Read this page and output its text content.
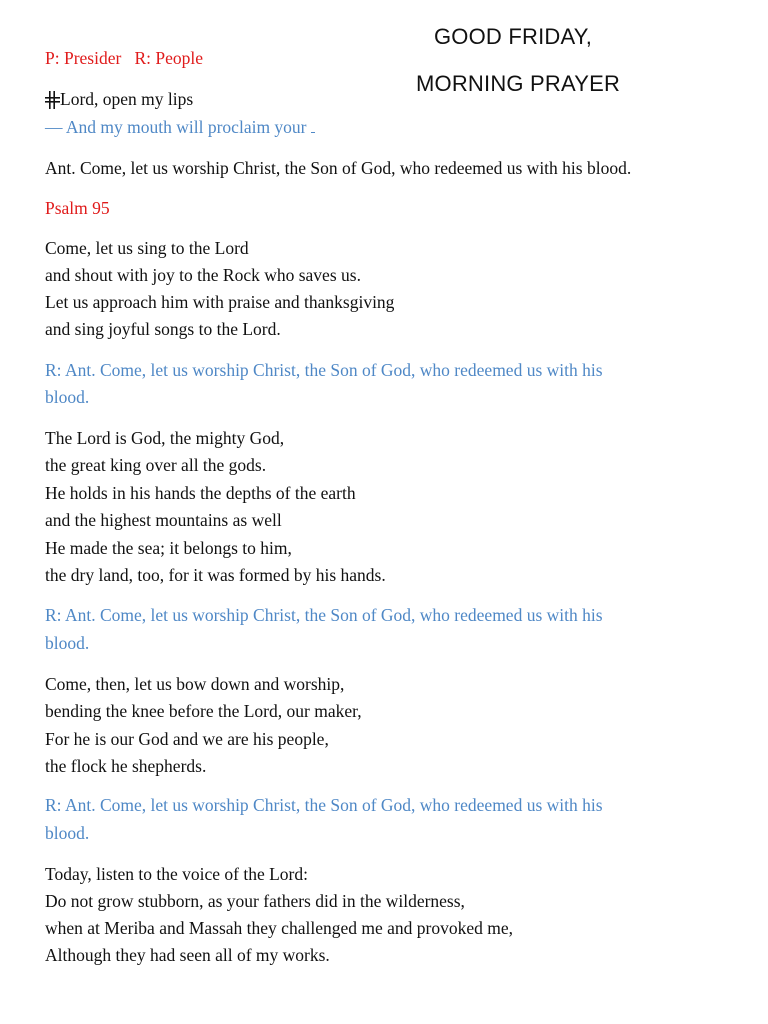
GOOD FRIDAY,
MORNING PRAYER
P: Presider R: People
Lord, open my lips
— And my mouth will proclaim your
Ant. Come, let us worship Christ, the Son of God, who redeemed us with his blood.
Psalm 95
Come, let us sing to the Lord
and shout with joy to the Rock who saves us.
Let us approach him with praise and thanksgiving
and sing joyful songs to the Lord.
R: Ant. Come, let us worship Christ, the Son of God, who redeemed us with his
blood.
The Lord is God, the mighty God,
the great king over all the gods.
He holds in his hands the depths of the earth
and the highest mountains as well
He made the sea; it belongs to him,
the dry land, too, for it was formed by his hands.
R: Ant. Come, let us worship Christ, the Son of God, who redeemed us with his
blood.
Come, then, let us bow down and worship,
bending the knee before the Lord, our maker,
For he is our God and we are his people,
the flock he shepherds.
R: Ant. Come, let us worship Christ, the Son of God, who redeemed us with his
blood.
Today, listen to the voice of the Lord:
Do not grow stubborn, as your fathers did in the wilderness,
when at Meriba and Massah they challenged me and provoked me,
Although they had seen all of my works.
